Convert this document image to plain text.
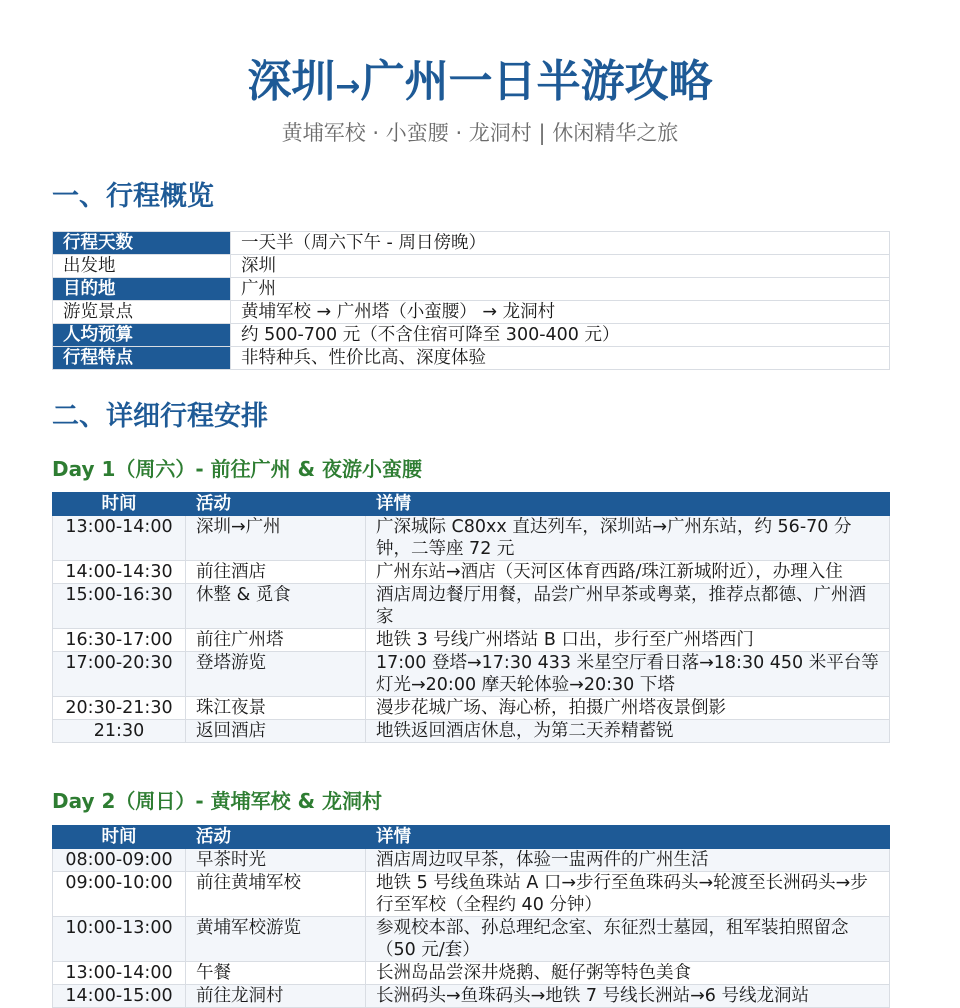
深圳→广州一日半游攻略
黄埔军校 · 小蛮腰 · 龙洞村 | 休闲精华之旅
一、行程概览
行程天数	一天半（周六下午 - 周日傍晚）
出发地	深圳
目的地	广州
游览景点	黄埔军校 → 广州塔（小蛮腰） → 龙洞村
人均预算	约 500-700 元（不含住宿可降至 300-400 元）
行程特点	非特种兵、性价比高、深度体验
二、详细行程安排
Day 1（周六）- 前往广州 & 夜游小蛮腰
时间	活动	详情
13:00-14:00	深圳→广州	广深城际 C80xx 直达列车，深圳站→广州东站，约 56-70 分钟，二等座 72 元
14:00-14:30	前往酒店	广州东站→酒店（天河区体育西路/珠江新城附近），办理入住
15:00-16:30	休整 & 觅食	酒店周边餐厅用餐，品尝广州早茶或粤菜，推荐点都德、广州酒家
16:30-17:00	前往广州塔	地铁 3 号线广州塔站 B 口出，步行至广州塔西门
17:00-20:30	登塔游览	17:00 登塔→17:30 433 米星空厅看日落→18:30 450 米平台等灯光→20:00 摩天轮体验→20:30 下塔
20:30-21:30	珠江夜景	漫步花城广场、海心桥，拍摄广州塔夜景倒影
21:30	返回酒店	地铁返回酒店休息，为第二天养精蓄锐
Day 2（周日）- 黄埔军校 & 龙洞村
时间	活动	详情
08:00-09:00	早茶时光	酒店周边叹早茶，体验一盅两件的广州生活
09:00-10:00	前往黄埔军校	地铁 5 号线鱼珠站 A 口→步行至鱼珠码头→轮渡至长洲码头→步行至军校（全程约 40 分钟）
10:00-13:00	黄埔军校游览	参观校本部、孙总理纪念室、东征烈士墓园，租军装拍照留念（50 元/套）
13:00-14:00	午餐	长洲岛品尝深井烧鹅、艇仔粥等特色美食
14:00-15:00	前往龙洞村	长洲码头→鱼珠码头→地铁 7 号线长洲站→6 号线龙洞站
